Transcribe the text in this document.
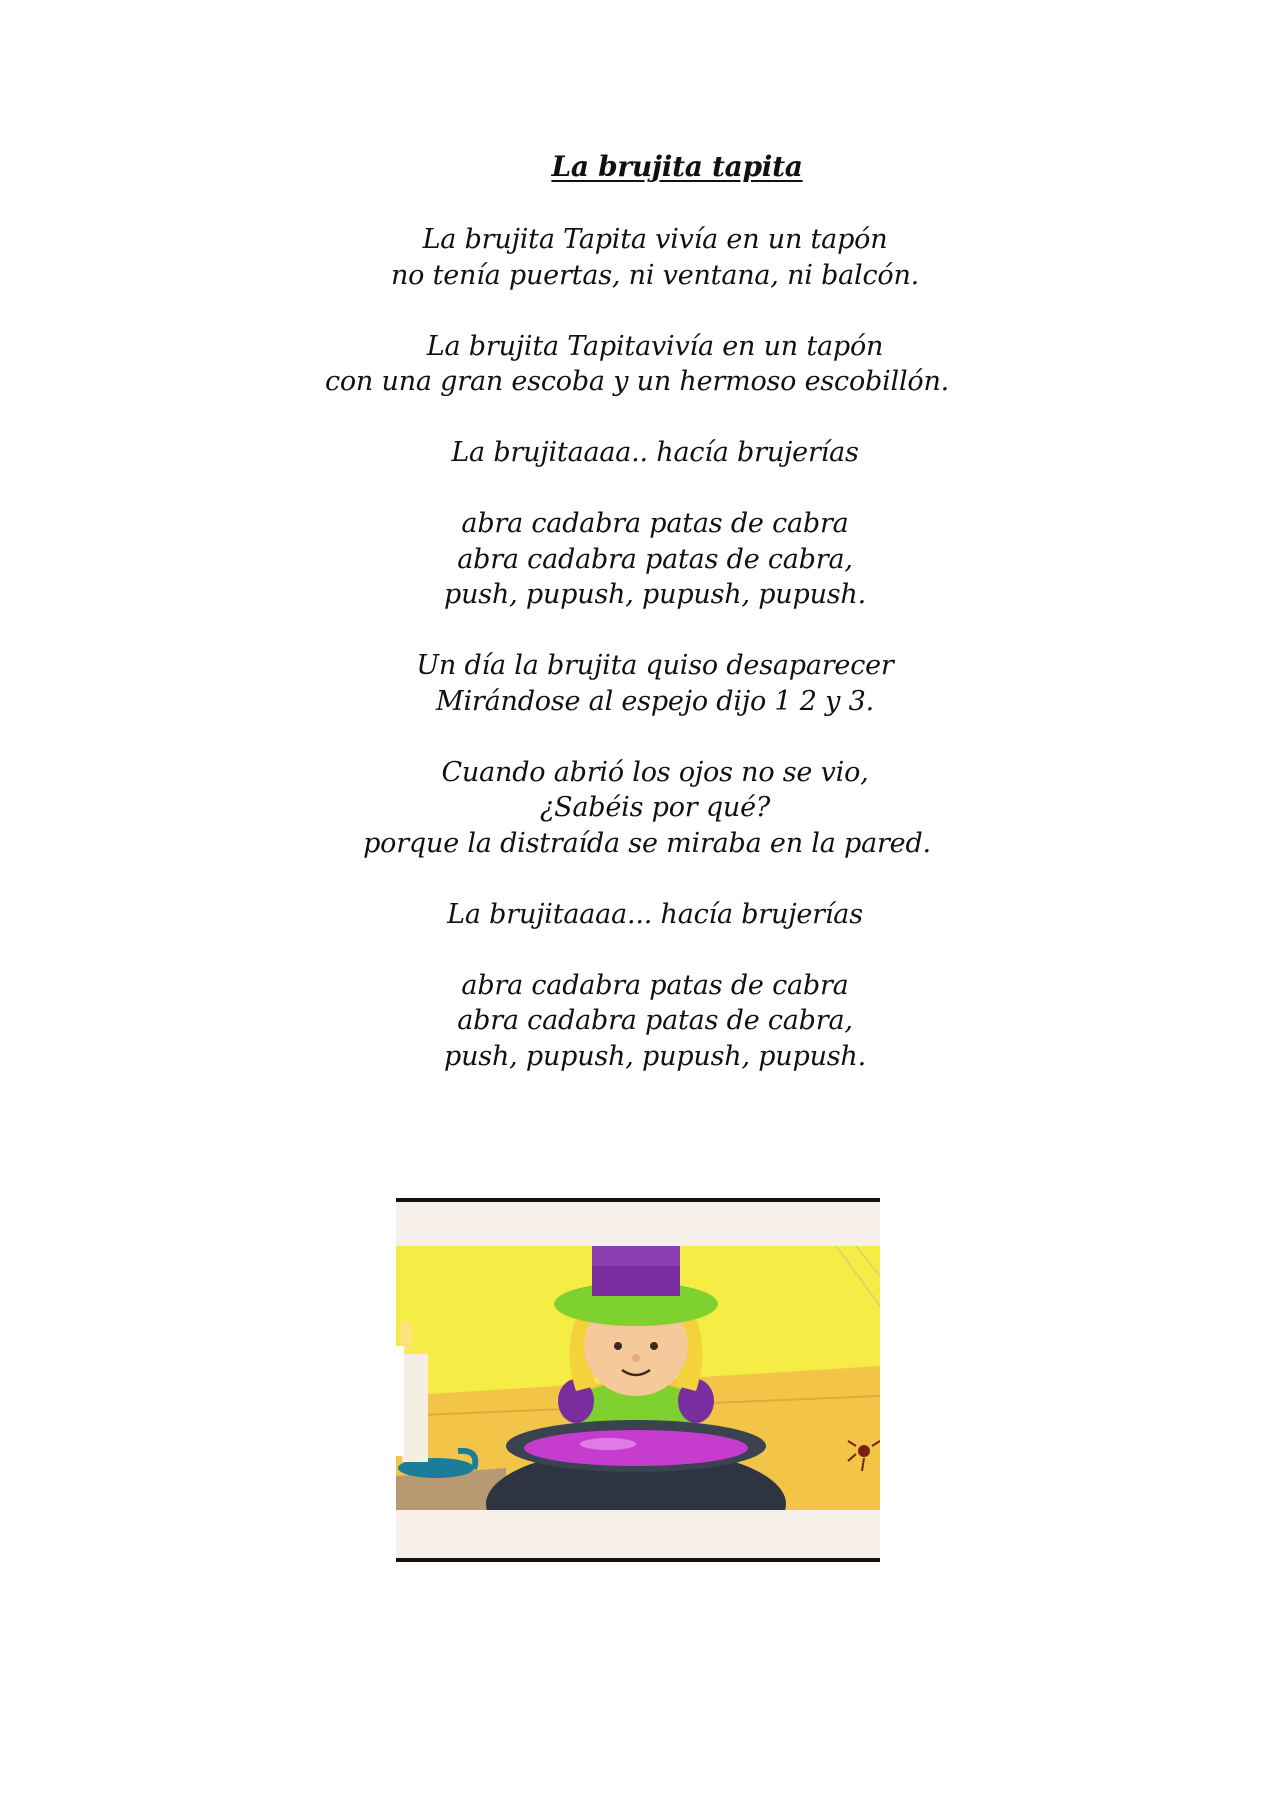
La brujita tapita
La brujita Tapita vivía en un tapón
no tenía puertas, ni ventana, ni balcón.
La brujita Tapitavivía en un tapón
con una gran escoba y un hermoso escobillón.
La brujitaaaa.. hacía brujerías
abra cadabra patas de cabra
abra cadabra patas de cabra,
push, pupush, pupush, pupush.
Un día la brujita quiso desaparecer
Mirándose al espejo dijo 1 2 y 3.
Cuando abrió los ojos no se vio,
¿Sabéis por qué?
porque la distraída se miraba en la pared.
La brujitaaaa... hacía brujerías
abra cadabra patas de cabra
abra cadabra patas de cabra,
push, pupush, pupush, pupush.
